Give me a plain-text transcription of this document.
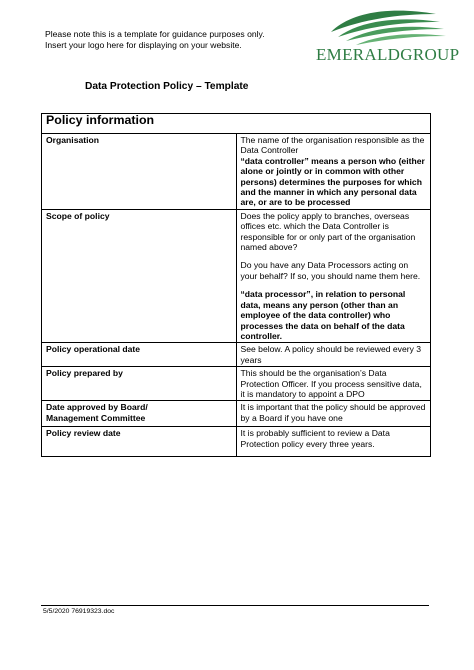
Please note this is a template for guidance purposes only.
Insert your logo here for displaying on your website.	EMERALDGROUP
Data Protection Policy – Template
Policy information	
Organisation	The name of the organisation responsible as the Data Controller
“data controller” means a person who (either alone or jointly or in common with other persons) determines the purposes for which and the manner in which any personal data are, or are to be processed

Scope of policy	Does the policy apply to branches, overseas offices etc. which the Data Controller is responsible for or only part of the organisation named above?
Do you have any Data Processors acting on your behalf? If so, you should name them here.
“data processor”, in relation to personal data, means any person (other than an employee of the data controller) who processes the data on behalf of the data controller.

Policy operational date	See below. A policy should be reviewed every 3 years
Policy prepared by	This should be the organisation’s Data Protection Officer. If you process sensitive data, it is mandatory to appoint a DPO

Date approved by Board/
Management Committee	It is important that the policy should be approved by a Board if you have one
Policy review date	It is probably sufficient to review a Data Protection policy every three years.
5/5/2020 76919323.doc
